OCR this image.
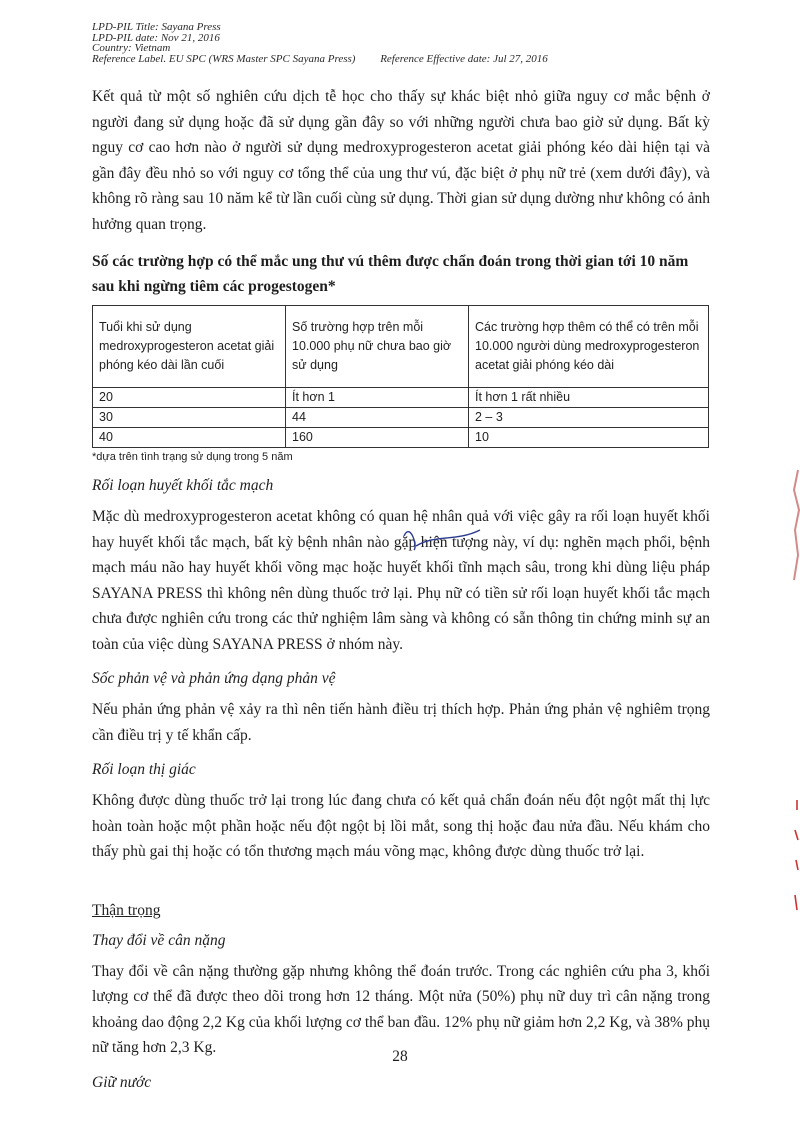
LPD-PIL Title: Sayana Press
LPD-PIL date: Nov 21, 2016
Country: Vietnam
Reference Label. EU SPC (WRS Master SPC Sayana Press) Reference Effective date: Jul 27, 2016

Kết quả từ một số nghiên cứu dịch tễ học cho thấy sự khác biệt nhỏ giữa nguy cơ mắc bệnh ở người đang sử dụng hoặc đã sử dụng gần đây so với những người chưa bao giờ sử dụng. Bất kỳ nguy cơ cao hơn nào ở người sử dụng medroxyprogesteron acetat giải phóng kéo dài hiện tại và gần đây đều nhỏ so với nguy cơ tổng thể của ung thư vú, đặc biệt ở phụ nữ trẻ (xem dưới đây), và không rõ ràng sau 10 năm kể từ lần cuối cùng sử dụng. Thời gian sử dụng dường như không có ảnh hưởng quan trọng.

Số các trường hợp có thể mắc ung thư vú thêm được chẩn đoán trong thời gian tới 10 năm sau khi ngừng tiêm các progestogen*
Tuổi khi sử dụng medroxyprogesteron acetat giải phóng kéo dài lần cuối	Số trường hợp trên mỗi 10.000 phụ nữ chưa bao giờ sử dụng	Các trường hợp thêm có thể có trên mỗi 10.000 người dùng medroxyprogesteron acetat giải phóng kéo dài
20	Ít hơn 1	Ít hơn 1 rất nhiều
30	44	2 – 3
40	160	10
*dựa trên tình trạng sử dụng trong 5 năm
Rối loạn huyết khối tắc mạch

Mặc dù medroxyprogesteron acetat không có quan hệ nhân quả với việc gây ra rối loạn huyết khối hay huyết khối tắc mạch, bất kỳ bệnh nhân nào gặp hiện tượng này, ví dụ: nghẽn mạch phổi, bệnh mạch máu não hay huyết khối võng mạc hoặc huyết khối tĩnh mạch sâu, trong khi dùng liệu pháp SAYANA PRESS thì không nên dùng thuốc trở lại. Phụ nữ có tiền sử rối loạn huyết khối tắc mạch chưa được nghiên cứu trong các thử nghiệm lâm sàng và không có sẵn thông tin chứng minh sự an toàn của việc dùng SAYANA PRESS ở nhóm này.

Sốc phản vệ và phản ứng dạng phản vệ

Nếu phản ứng phản vệ xảy ra thì nên tiến hành điều trị thích hợp. Phản ứng phản vệ nghiêm trọng cần điều trị y tế khẩn cấp.

Rối loạn thị giác

Không được dùng thuốc trở lại trong lúc đang chưa có kết quả chẩn đoán nếu đột ngột mất thị lực hoàn toàn hoặc một phần hoặc nếu đột ngột bị lồi mắt, song thị hoặc đau nửa đầu. Nếu khám cho thấy phù gai thị hoặc có tổn thương mạch máu võng mạc, không được dùng thuốc trở lại.

Thận trọng
Thay đổi về cân nặng

Thay đổi về cân nặng thường gặp nhưng không thể đoán trước. Trong các nghiên cứu pha 3, khối lượng cơ thể đã được theo dõi trong hơn 12 tháng. Một nửa (50%) phụ nữ duy trì cân nặng trong khoảng dao động 2,2 Kg của khối lượng cơ thể ban đầu. 12% phụ nữ giảm hơn 2,2 Kg, và 38% phụ nữ tăng hơn 2,3 Kg.

Giữ nước
28
